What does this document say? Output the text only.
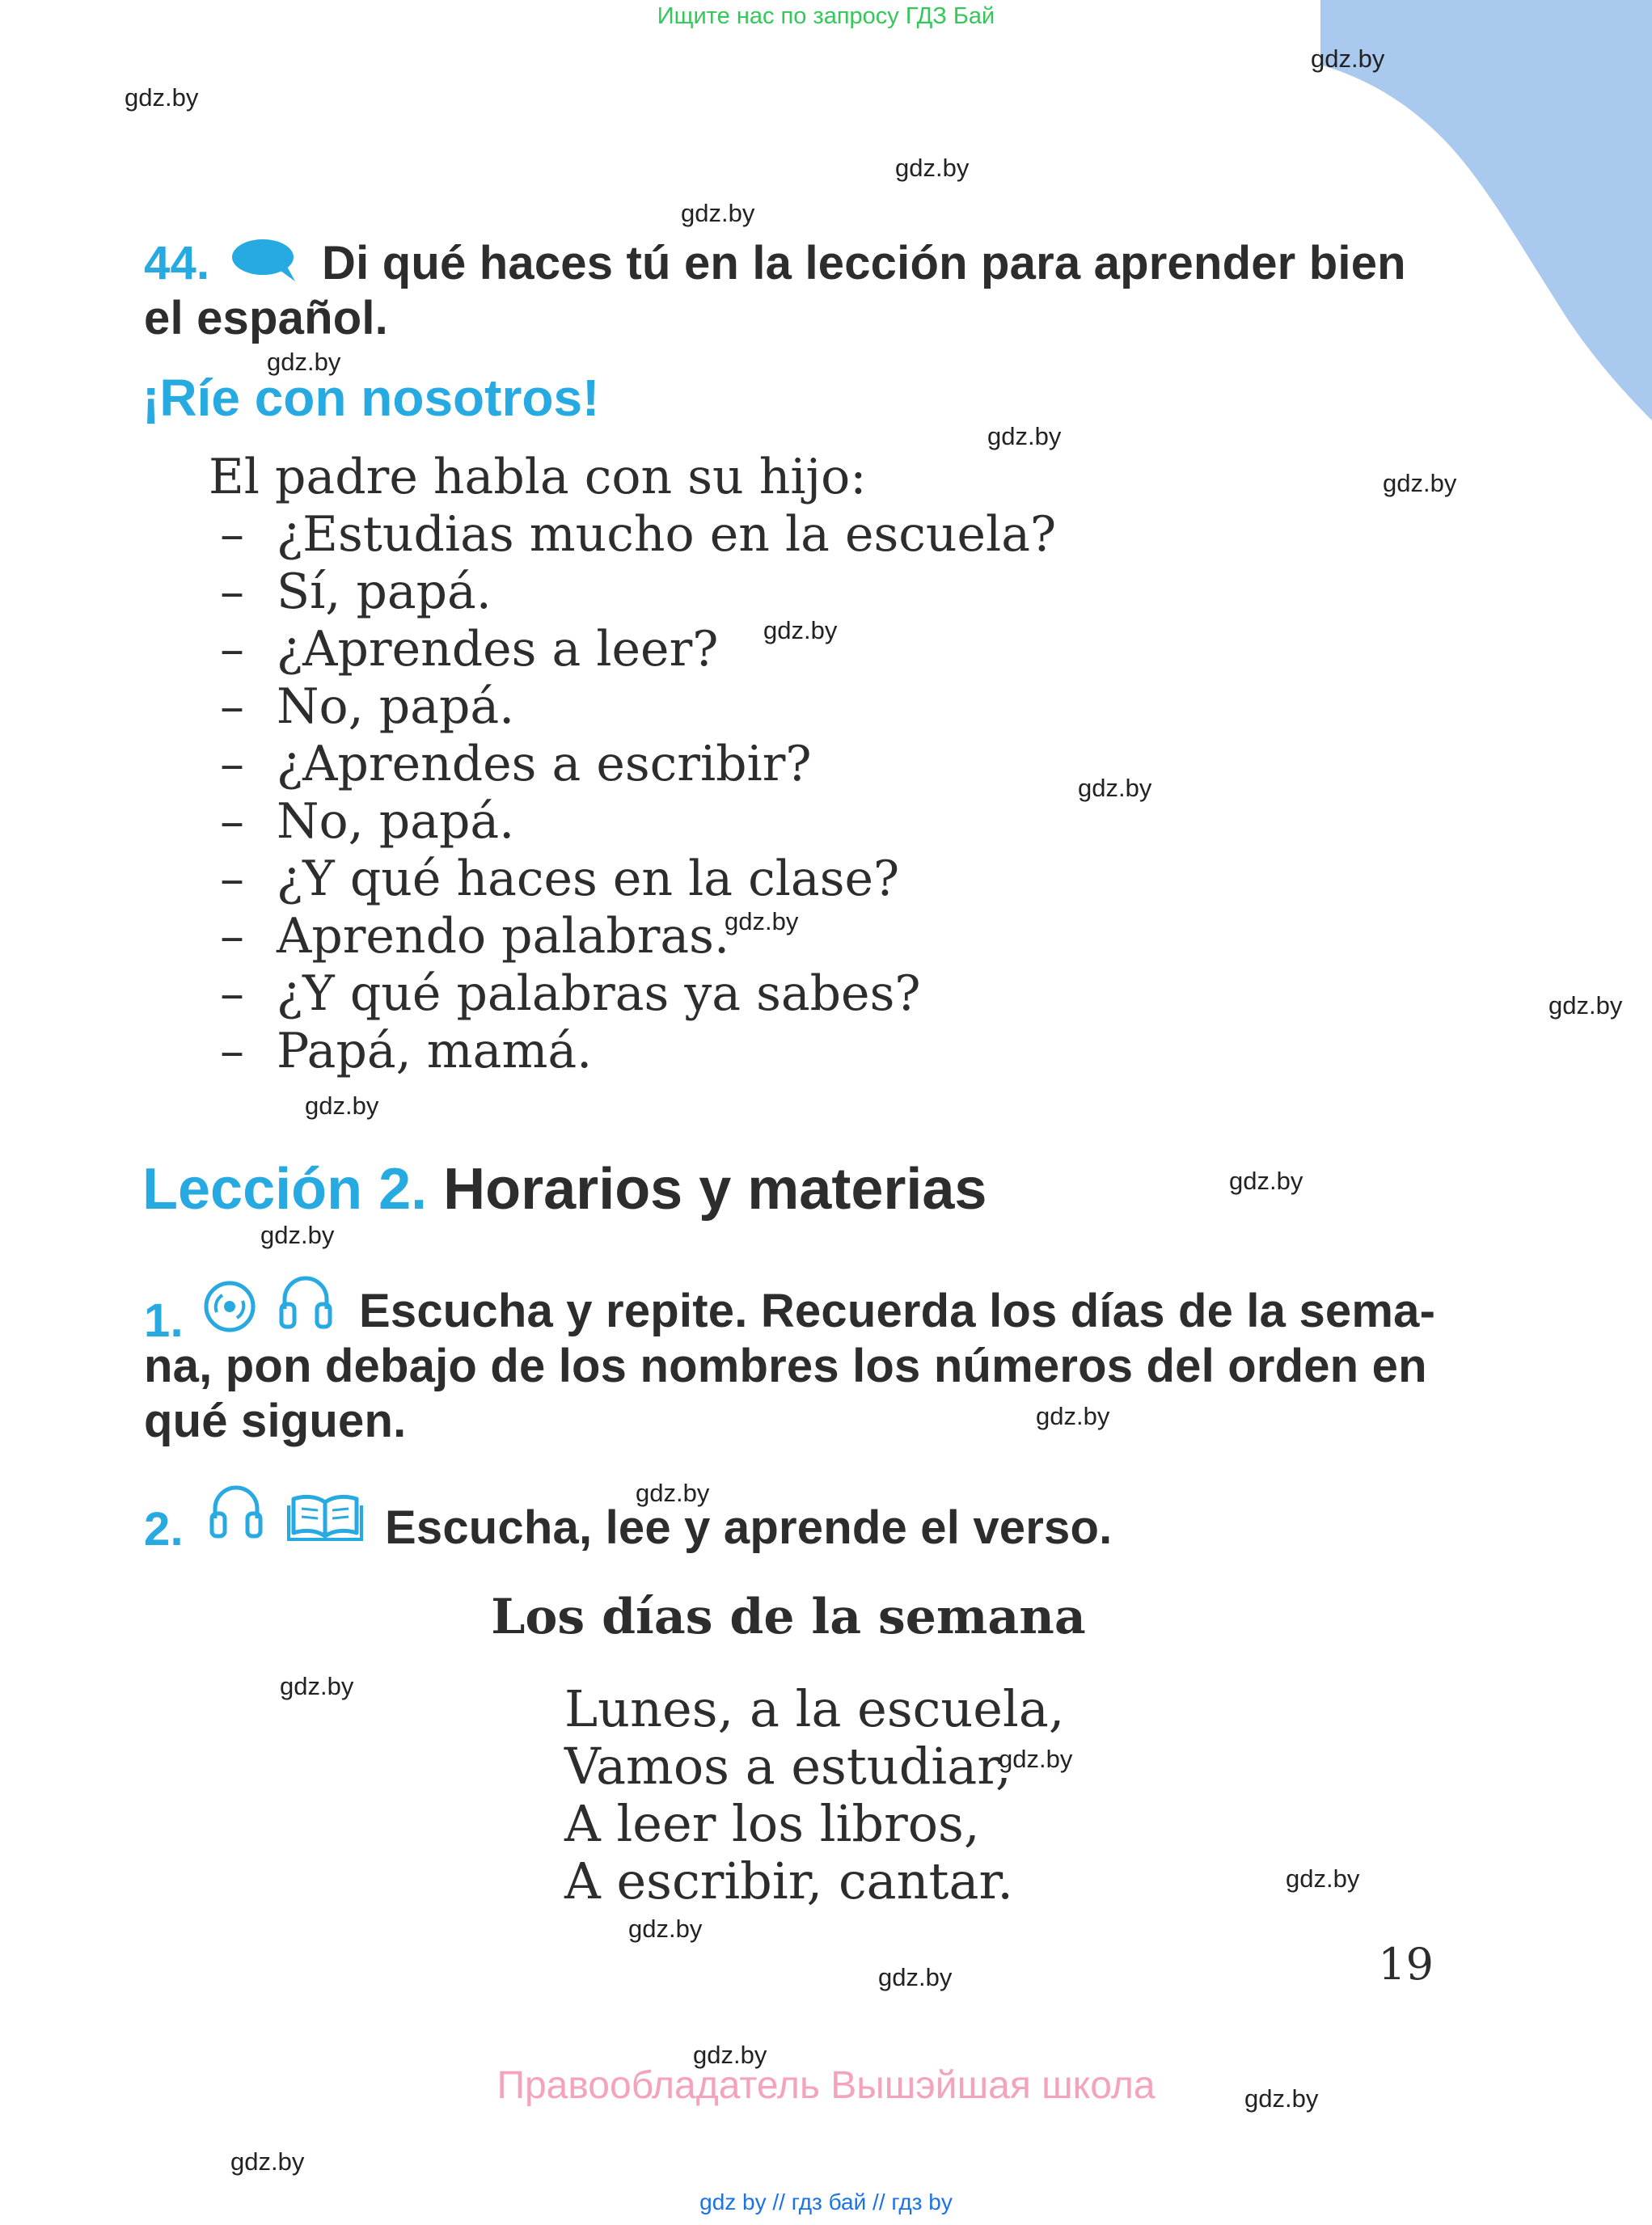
Ищите нас по запросу ГДЗ Бай
gdz.by
gdz.by
gdz.by
gdz.by
gdz.by
gdz.by
gdz.by
gdz.by
gdz.by
gdz.by
gdz.by
gdz.by
gdz.by
gdz.by
gdz.by
gdz.by
gdz.by
gdz.by
gdz.by
gdz.by
gdz.by
gdz.by
gdz.by
gdz.by
44. Di qué haces tú en la lección para aprender bien
el español.
¡Ríe con nosotros!
El padre habla con su hijo:
– ¿Estudias mucho en la escuela?
– Sí, papá.
– ¿Aprendes a leer?
– No, papá.
– ¿Aprendes a escribir?
– No, papá.
– ¿Y qué haces en la clase?
– Aprendo palabras.
– ¿Y qué palabras ya sabes?
– Papá, mamá.
Lección 2. Horarios y materias
1.	Escucha y repite. Recuerda los días de la sema-
na, pon debajo de los nombres los números del orden en
qué siguen.
2.	Escucha, lee y aprende el verso.
Los días de la semana
Lunes, a la escuela,
Vamos a estudiar,
A leer los libros,
A escribir, cantar.
19
Правообладатель Вышэйшая школа
gdz by // гдз бай // гдз by
